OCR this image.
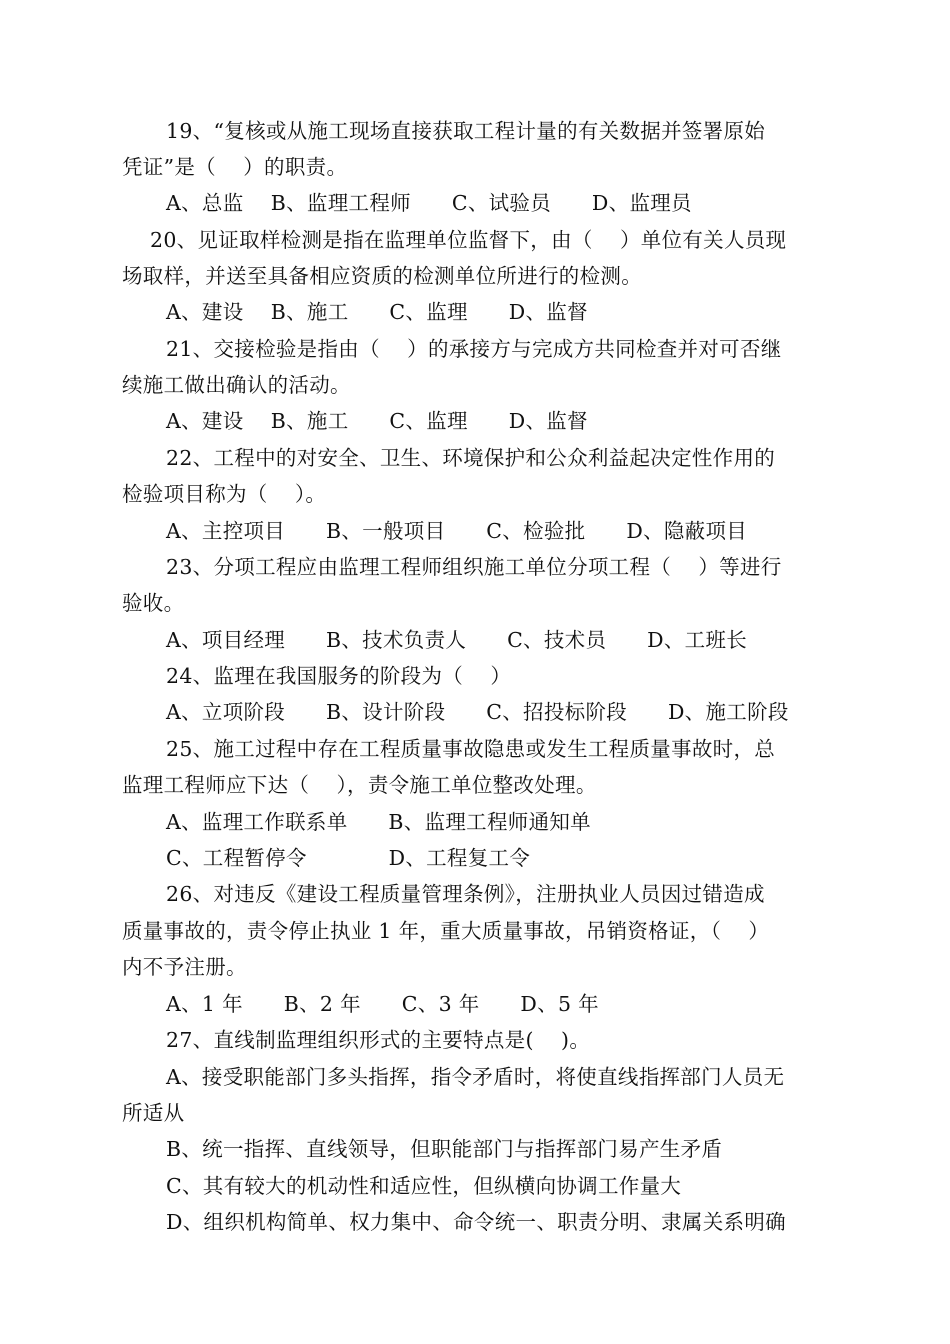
19、“复核或从施工现场直接获取工程计量的有关数据并签署原始
凭证”是（    ）的职责。
A、总监    B、监理工程师      C、试验员      D、监理员
20、见证取样检测是指在监理单位监督下，由（    ）单位有关人员现
场取样，并送至具备相应资质的检测单位所进行的检测。
A、建设    B、施工      C、监理      D、监督
21、交接检验是指由（    ）的承接方与完成方共同检查并对可否继
续施工做出确认的活动。
A、建设    B、施工      C、监理      D、监督
22、工程中的对安全、卫生、环境保护和公众利益起决定性作用的
检验项目称为（    ）。
A、主控项目      B、一般项目      C、检验批      D、隐蔽项目
23、分项工程应由监理工程师组织施工单位分项工程（    ）等进行
验收。
A、项目经理      B、技术负责人      C、技术员      D、工班长
24、监理在我国服务的阶段为（    ）
A、立项阶段      B、设计阶段      C、招投标阶段      D、施工阶段
25、施工过程中存在工程质量事故隐患或发生工程质量事故时，总
监理工程师应下达（    ），责令施工单位整改处理。
A、监理工作联系单      B、监理工程师通知单
C、工程暂停令            D、工程复工令
26、对违反《建设工程质量管理条例》，注册执业人员因过错造成
质量事故的，责令停止执业 1 年，重大质量事故，吊销资格证，（    ）
内不予注册。
A、1 年      B、2 年      C、3 年      D、5 年
27、直线制监理组织形式的主要特点是(    )。
A、接受职能部门多头指挥，指令矛盾时，将使直线指挥部门人员无
所适从
B、统一指挥、直线领导，但职能部门与指挥部门易产生矛盾
C、其有较大的机动性和适应性，但纵横向协调工作量大
D、组织机构简单、权力集中、命令统一、职责分明、隶属关系明确
